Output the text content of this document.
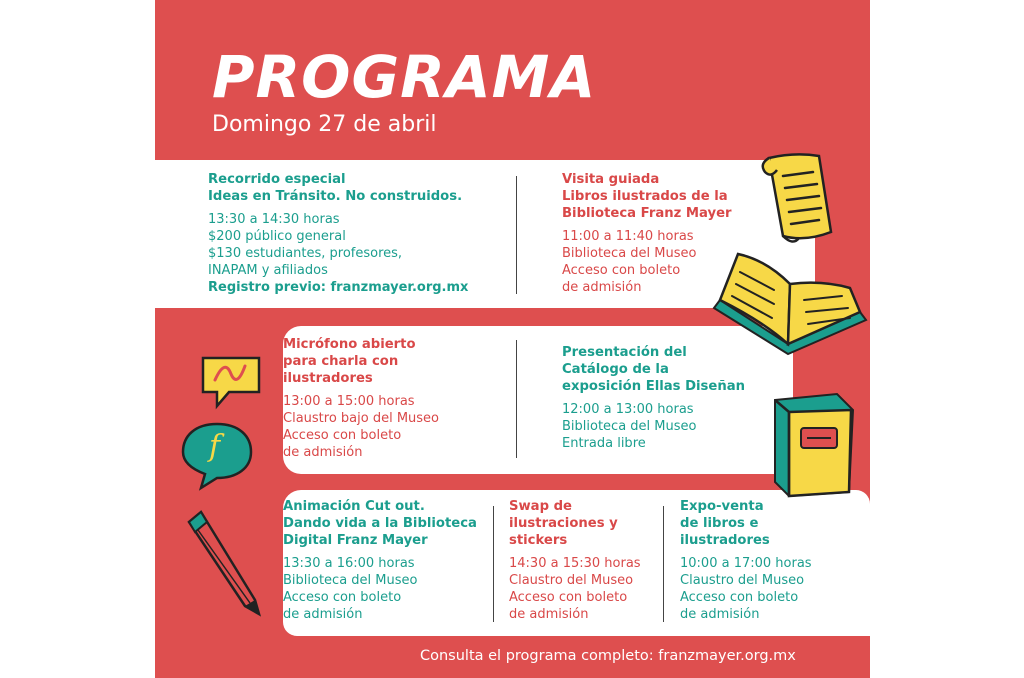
PROGRAMA

Domingo 27 de abril

Recorrido especial
Ideas en Tránsito. No construidos.

13:30 a 14:30 horas
$200 público general
$130 estudiantes, profesores,
INAPAM y afiliados
Registro previo: franzmayer.org.mx

Visita guiada
Libros ilustrados de la
Biblioteca Franz Mayer

11:00 a 11:40 horas
Biblioteca del Museo
Acceso con boleto
de admisión

Micrófono abierto
para charla con
ilustradores

13:00 a 15:00 horas
Claustro bajo del Museo
Acceso con boleto
de admisión

Presentación del
Catálogo de la
exposición Ellas Diseñan

12:00 a 13:00 horas
Biblioteca del Museo
Entrada libre

Animación Cut out.
Dando vida a la Biblioteca
Digital Franz Mayer

13:30 a 16:00 horas
Biblioteca del Museo
Acceso con boleto
de admisión

Swap de
ilustraciones y
stickers

14:30 a 15:30 horas
Claustro del Museo
Acceso con boleto
de admisión

Expo-venta
de libros e
ilustradores

10:00 a 17:00 horas
Claustro del Museo
Acceso con boleto
de admisión

f

Consulta el programa completo: franzmayer.org.mx
